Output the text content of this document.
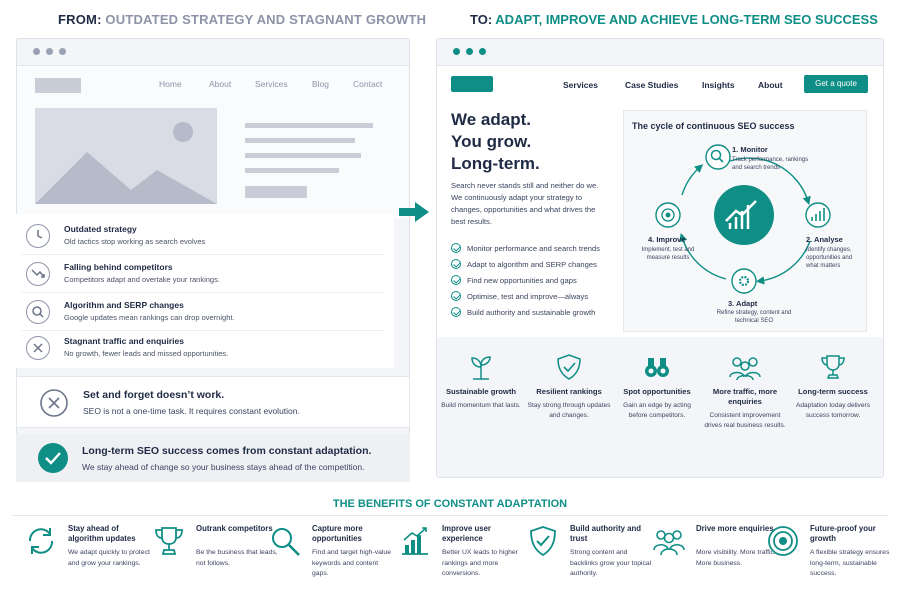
FROM: OUTDATED STRATEGY AND STAGNANT GROWTH	TO: ADAPT, IMPROVE AND ACHIEVE LONG-TERM SEO SUCCESS
Home	About	Services	Blog	Contact
Outdated strategy
Old tactics stop working as search evolves
Falling behind competitors
Competitors adapt and overtake your rankings.
Algorithm and SERP changes
Google updates mean rankings can drop overnight.
Stagnant traffic and enquiries
No growth, fewer leads and missed opportunities.
Set and forget doesn’t work.
SEO is not a one-time task. It requires constant evolution.
Long-term SEO success comes from constant adaptation.
We stay ahead of change so your business stays ahead of the competition.
Services	Case Studies	Insights	About	Get a quote
We adapt.
You grow.
Long-term.
Search never stands still and neither do we. We continuously adapt your strategy to changes, opportunities and what drives the best results.
Monitor performance and search trends
Adapt to algorithm and SERP changes
Find new opportunities and gaps
Optimise, test and improve—always
Build authority and sustainable growth
The cycle of continuous SEO success
1. Monitor
Track performance, rankings and search trends
2. Analyse
Identify changes, opportunities and what matters
3. Adapt
Refine strategy, content and technical SEO
4. Improve
Implement, test and measure results
Sustainable growth
Build momentum that lasts.
Resilient rankings
Stay strong through updates and changes.
Spot opportunities
Gain an edge by acting before competitors.
More traffic, more enquiries
Consistent improvement drives real business results.
Long-term success
Adaptation today delivers success tomorrow.
THE BENEFITS OF CONSTANT ADAPTATION
Stay ahead of algorithm updates
We adapt quickly to protect and grow your rankings.
Outrank competitors
Be the business that leads, not follows.
Capture more opportunities
Find and target high-value keywords and content gaps.
Improve user experience
Better UX leads to higher rankings and more conversions.
Build authority and trust
Strong content and backlinks grow your topical authority.
Drive more enquiries
More visibility. More traffic. More business.
Future-proof your growth
A flexible strategy ensures long-term, sustainable success.
